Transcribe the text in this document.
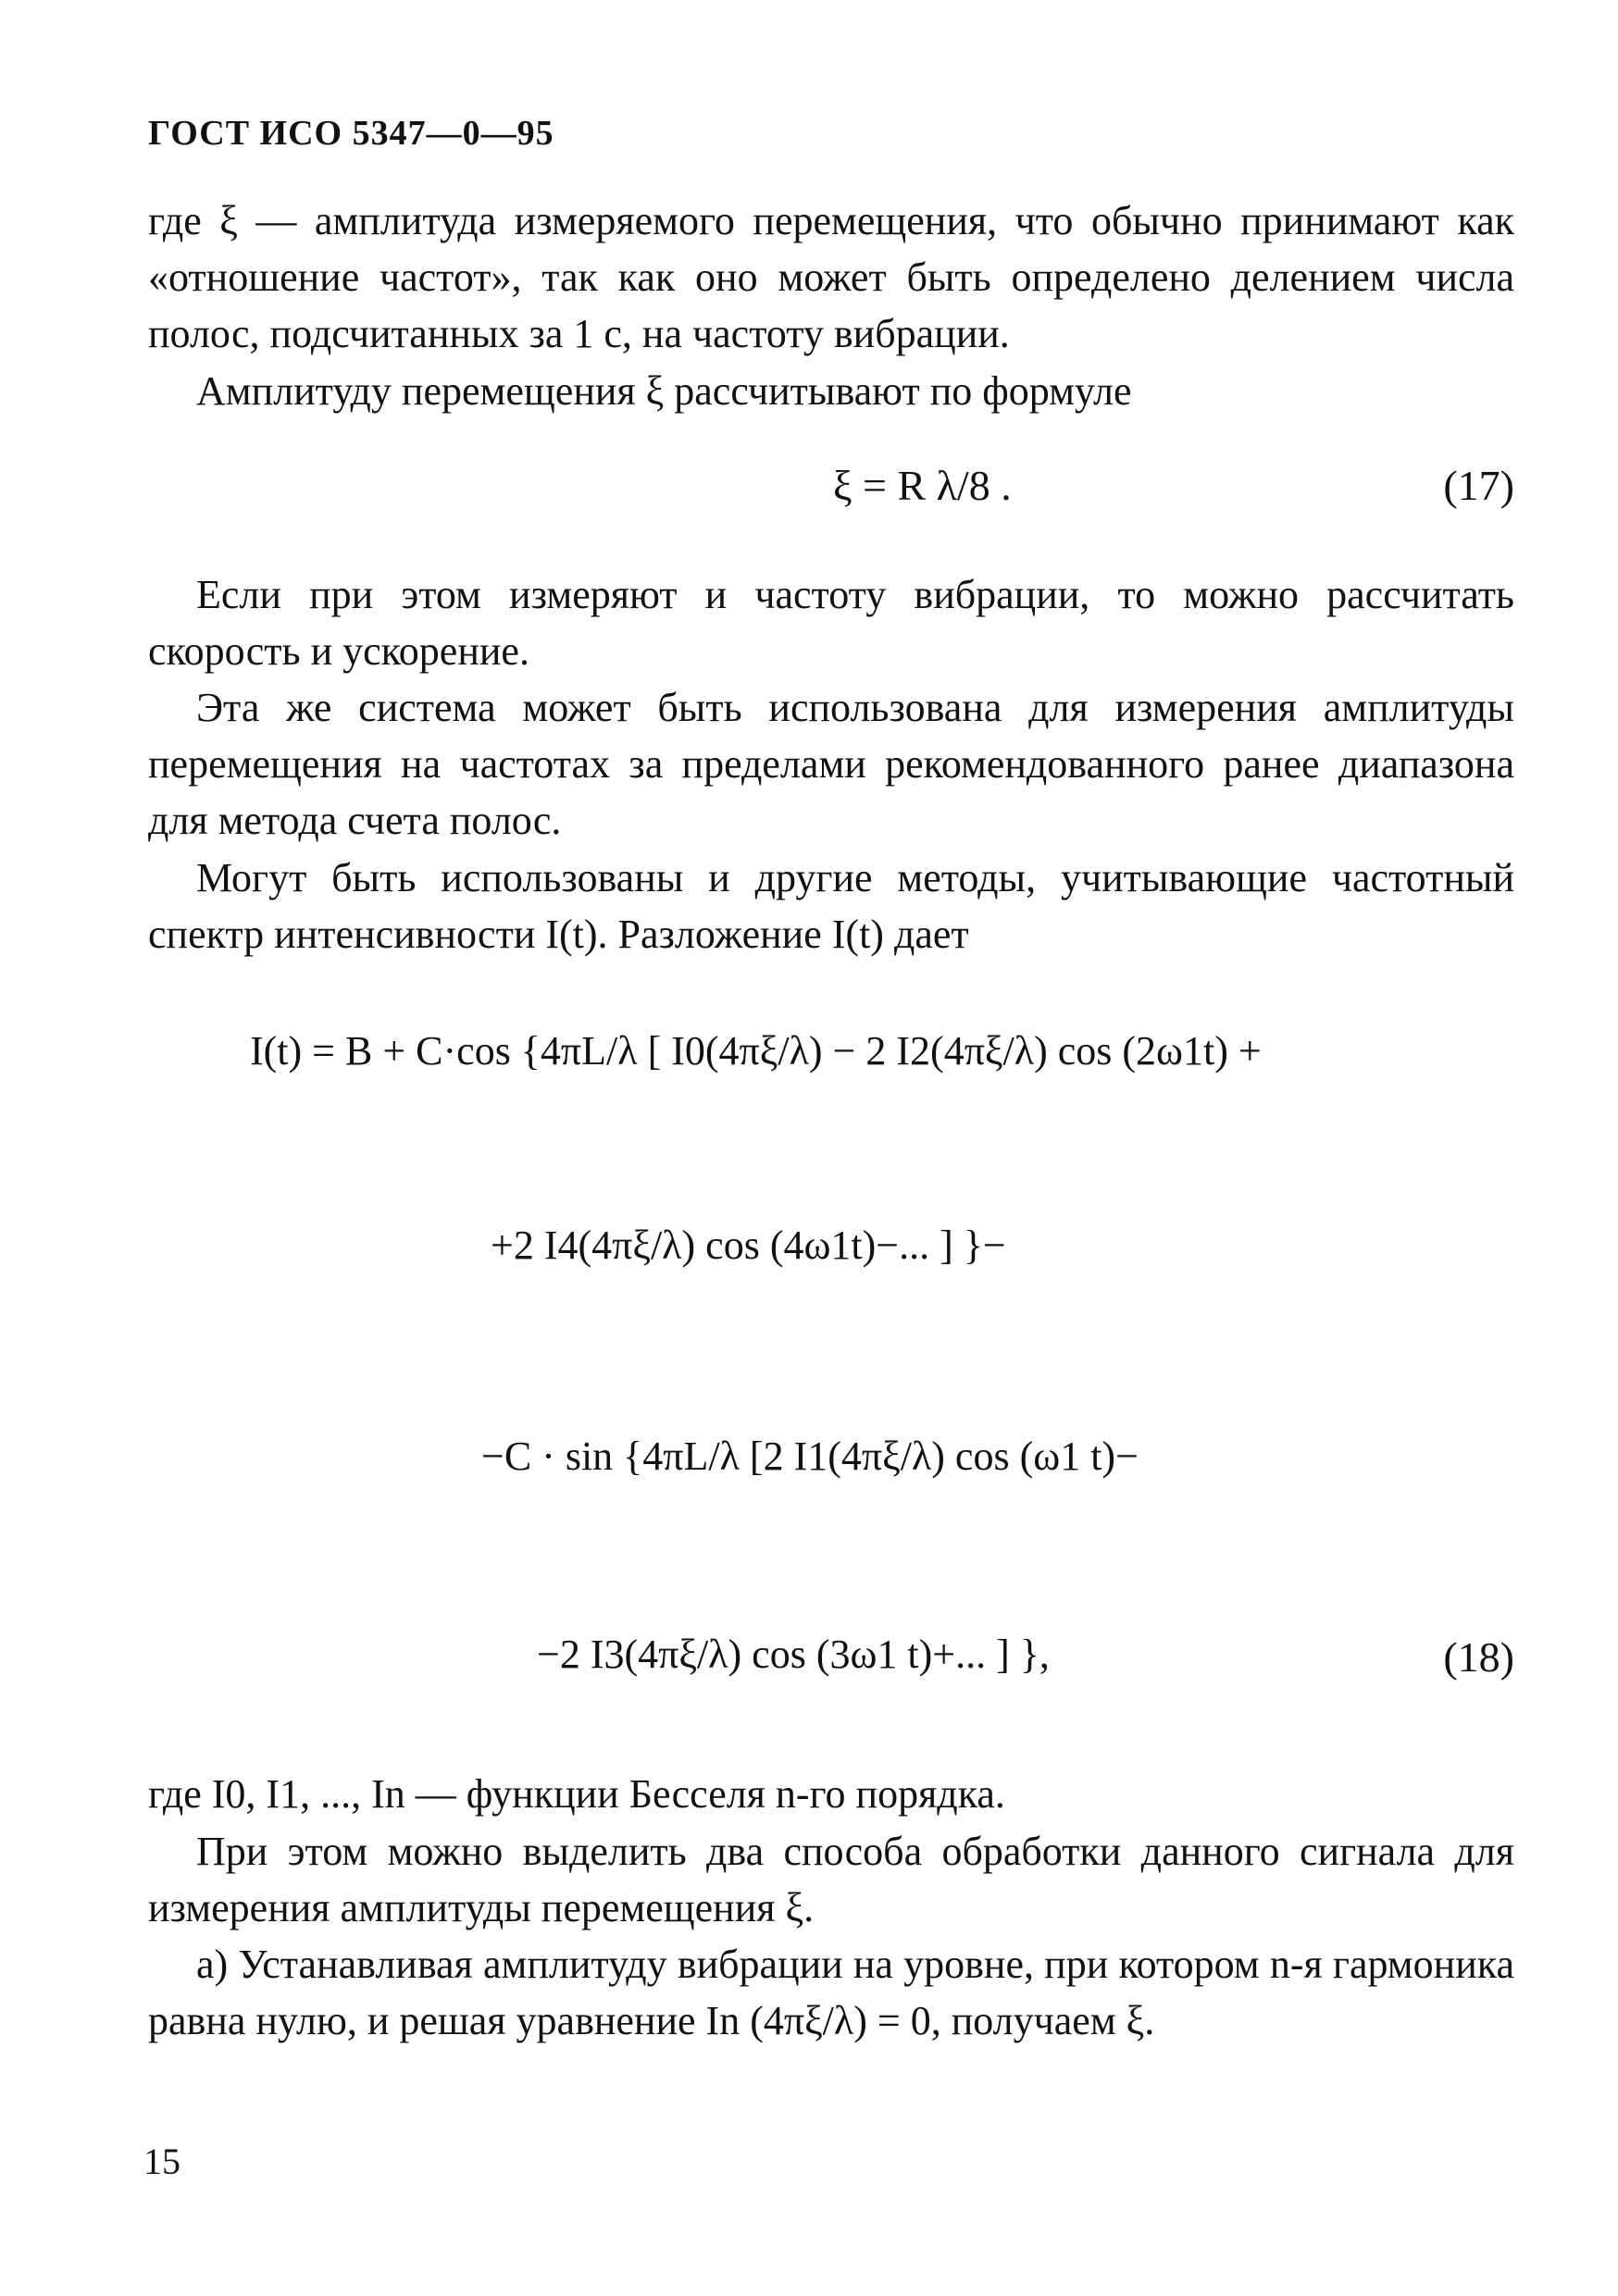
ГОСТ ИСО 5347—0—95
где ξ — амплитуда измеряемого перемещения, что обычно принимают как «отношение частот», так как оно может быть определено делением числа полос, подсчитанных за 1 с, на частоту вибрации.
Амплитуду перемещения ξ рассчитывают по формуле
ξ = R λ/8 .	(17)
Если при этом измеряют и частоту вибрации, то можно рассчитать скорость и ускорение.
Эта же система может быть использована для измерения амплитуды перемещения на частотах за пределами рекомендованного ранее диапазона для метода счета полос.
Могут быть использованы и другие методы, учитывающие частотный спектр интенсивности I(t). Разложение I(t) дает
I(t) = B + C·cos {4πL/λ [ I0(4πξ/λ) − 2 I2(4πξ/λ) cos (2ω1t) +
+2 I4(4πξ/λ) cos (4ω1t)−... ] }−
−C · sin {4πL/λ [2 I1(4πξ/λ) cos (ω1 t)−
−2 I3(4πξ/λ) cos (3ω1 t)+... ] },	(18)
где I0, I1, ..., In — функции Бесселя n-го порядка.
При этом можно выделить два способа обработки данного сигнала для измерения амплитуды перемещения ξ.
а) Устанавливая амплитуду вибрации на уровне, при котором n-я гармоника равна нулю, и решая уравнение In (4πξ/λ) = 0, получаем ξ.
15
